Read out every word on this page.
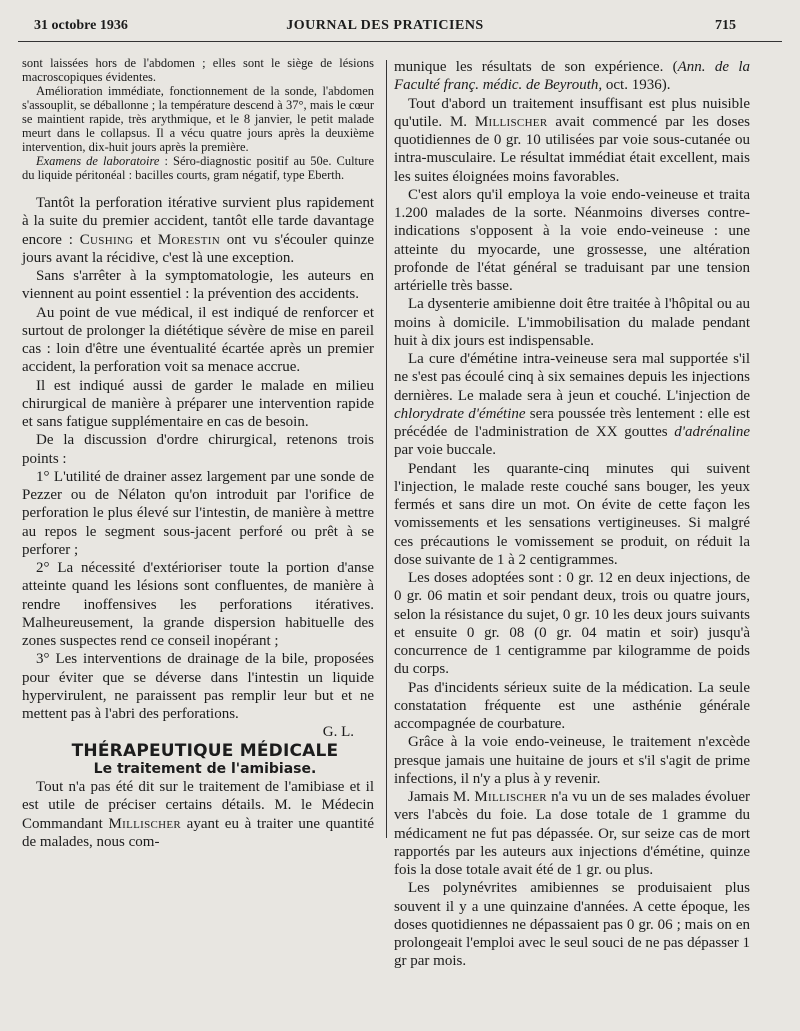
31 octobre 1936	JOURNAL DES PRATICIENS	715

sont laissées hors de l'abdomen ; elles sont le siège de lésions macroscopiques évidentes.

Amélioration immédiate, fonctionnement de la sonde, l'abdomen s'assouplit, se déballonne ; la température descend à 37°, mais le cœur se maintient rapide, très arythmique, et le 8 janvier, le petit malade meurt dans le collapsus. Il a vécu quatre jours après la deuxième intervention, dix-huit jours après la première.

Examens de laboratoire : Séro-diagnostic positif au 50e. Culture du liquide péritonéal : bacilles courts, gram négatif, type Eberth.

Tantôt la perforation itérative survient plus rapidement à la suite du premier accident, tantôt elle tarde davantage encore : Cushing et Morestin ont vu s'écouler quinze jours avant la récidive, c'est là une exception.

Sans s'arrêter à la symptomatologie, les auteurs en viennent au point essentiel : la prévention des accidents.

Au point de vue médical, il est indiqué de renforcer et surtout de prolonger la diététique sévère de mise en pareil cas : loin d'être une éventualité écartée après un premier accident, la perforation voit sa menace accrue.

Il est indiqué aussi de garder le malade en milieu chirurgical de manière à préparer une intervention rapide et sans fatigue supplémentaire en cas de besoin.

De la discussion d'ordre chirurgical, retenons trois points :

1° L'utilité de drainer assez largement par une sonde de Pezzer ou de Nélaton qu'on introduit par l'orifice de perforation le plus élevé sur l'intestin, de manière à mettre au repos le segment sous-jacent perforé ou prêt à se perforer ;

2° La nécessité d'extérioriser toute la portion d'anse atteinte quand les lésions sont confluentes, de manière à rendre inoffensives les perforations itératives. Malheureusement, la grande dispersion habituelle des zones suspectes rend ce conseil inopérant ;

3° Les interventions de drainage de la bile, proposées pour éviter que se déverse dans l'intestin un liquide hypervirulent, ne paraissent pas remplir leur but et ne mettent pas à l'abri des perforations.

G. L.

THÉRAPEUTIQUE MÉDICALE

Le traitement de l'amibiase.

Tout n'a pas été dit sur le traitement de l'amibiase et il est utile de préciser certains détails. M. le Médecin Commandant Millischer ayant eu à traiter une quantité de malades, nous com-

munique les résultats de son expérience. (Ann. de la Faculté franç. médic. de Beyrouth, oct. 1936).

Tout d'abord un traitement insuffisant est plus nuisible qu'utile. M. Millischer avait commencé par les doses quotidiennes de 0 gr. 10 utilisées par voie sous-cutanée ou intra-musculaire. Le résultat immédiat était excellent, mais les suites éloignées moins favorables.

C'est alors qu'il employa la voie endo-veineuse et traita 1.200 malades de la sorte. Néanmoins diverses contre-indications s'opposent à la voie endo-veineuse : une atteinte du myocarde, une grossesse, une altération profonde de l'état général se traduisant par une tension artérielle très basse.

La dysenterie amibienne doit être traitée à l'hôpital ou au moins à domicile. L'immobilisation du malade pendant huit à dix jours est indispensable.

La cure d'émétine intra-veineuse sera mal supportée s'il ne s'est pas écoulé cinq à six semaines depuis les injections dernières. Le malade sera à jeun et couché. L'injection de chlorydrate d'émétine sera poussée très lentement : elle est précédée de l'administration de XX gouttes d'adrénaline par voie buccale.

Pendant les quarante-cinq minutes qui suivent l'injection, le malade reste couché sans bouger, les yeux fermés et sans dire un mot. On évite de cette façon les vomissements et les sensations vertigineuses. Si malgré ces précautions le vomissement se produit, on réduit la dose suivante de 1 à 2 centigrammes.

Les doses adoptées sont : 0 gr. 12 en deux injections, de 0 gr. 06 matin et soir pendant deux, trois ou quatre jours, selon la résistance du sujet, 0 gr. 10 les deux jours suivants et ensuite 0 gr. 08 (0 gr. 04 matin et soir) jusqu'à concurrence de 1 centigramme par kilogramme de poids du corps.

Pas d'incidents sérieux suite de la médication. La seule constatation fréquente est une asthénie générale accompagnée de courbature.

Grâce à la voie endo-veineuse, le traitement n'excède presque jamais une huitaine de jours et s'il s'agit de prime infections, il n'y a plus à y revenir.

Jamais M. Millischer n'a vu un de ses malades évoluer vers l'abcès du foie. La dose totale de 1 gramme du médicament ne fut pas dépassée. Or, sur seize cas de mort rapportés par les auteurs aux injections d'émétine, quinze fois la dose totale avait été de 1 gr. ou plus.

Les polynévrites amibiennes se produisaient plus souvent il y a une quinzaine d'années. A cette époque, les doses quotidiennes ne dépassaient pas 0 gr. 06 ; mais on en prolongeait l'emploi avec le seul souci de ne pas dépasser 1 gr par mois.
